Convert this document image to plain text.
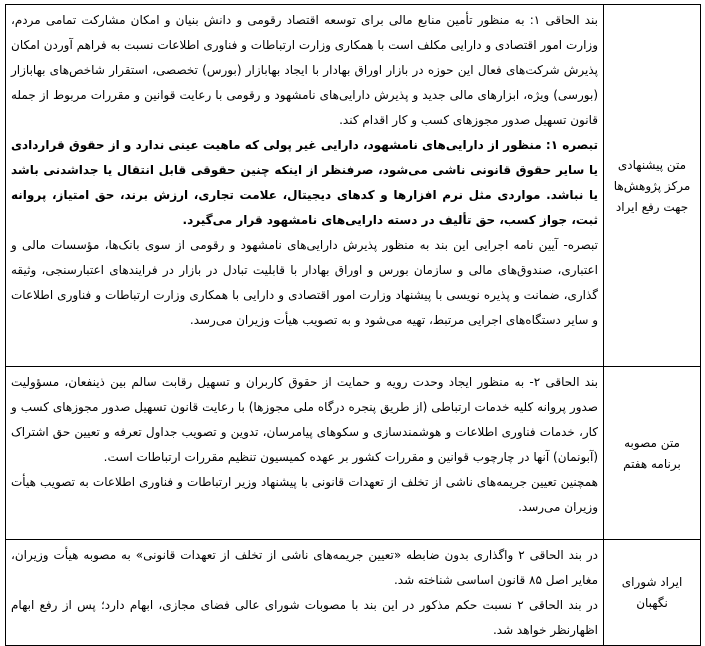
متن پیشنهادی مرکز پژوهش‌ها جهت رفع ایراد	بند الحاقی ۱: به منظور تأمین منابع مالی برای توسعه اقتصاد رقومی و دانش بنیان و امکان مشارکت تمامی مردم، وزارت امور اقتصادی و دارایی مکلف است با همکاری وزارت ارتباطات و فناوری اطلاعات نسبت به فراهم آوردن امکان پذیرش شرکت‌های فعال این حوزه در بازار اوراق بهادار با ایجاد بهابازار (بورس) تخصصی، استقرار شاخص‌های بهابازار (بورسی) ویژه، ابزارهای مالی جدید و پذیرش دارایی‌های نامشهود و رقومی با رعایت قوانین و مقررات مربوط از جمله قانون تسهیل صدور مجوزهای کسب و کار اقدام کند.

تبصره ۱: منظور از دارایی‌های نامشهود، دارایی غیر پولی که ماهیت عینی ندارد و از حقوق قراردادی یا سایر حقوق قانونی ناشی می‌شود، صرفنظر از اینکه چنین حقوقی قابل انتقال یا جداشدنی باشد یا نباشد. مواردی مثل نرم افزارها و کدهای دیجیتال، علامت تجاری، ارزش برند، حق امتیاز، پروانه ثبت، جواز کسب، حق تألیف در دسته دارایی‌های نامشهود قرار می‌گیرد.

تبصره- آیین نامه اجرایی این بند به منظور پذیرش دارایی‌های نامشهود و رقومی از سوی بانک‌ها، مؤسسات مالی و اعتباری، صندوق‌های مالی و سازمان بورس و اوراق بهادار با قابلیت تبادل در بازار در فرایندهای اعتبارسنجی، وثیقه گذاری، ضمانت و پذیره نویسی با پیشنهاد وزارت امور اقتصادی و دارایی با همکاری وزارت ارتباطات و فناوری اطلاعات و سایر دستگاه‌های اجرایی مرتبط، تهیه می‌شود و به تصویب هیأت وزیران می‌رسد.

متن مصوبه برنامه هفتم	بند الحاقی ۲- به منظور ایجاد وحدت رویه و حمایت از حقوق کاربران و تسهیل رقابت سالم بین ذینفعان، مسؤولیت صدور پروانه کلیه خدمات ارتباطی (از طریق پنجره درگاه ملی مجوزها) با رعایت قانون تسهیل صدور مجوزهای کسب و کار، خدمات فناوری اطلاعات و هوشمندسازی و سکوهای پیامرسان، تدوین و تصویب جداول تعرفه و تعیین حق اشتراک (آبونمان) آنها در چارچوب قوانین و مقررات کشور بر عهده کمیسیون تنظیم مقررات ارتباطات است.

همچنین تعیین جریمه‌های ناشی از تخلف از تعهدات قانونی با پیشنهاد وزیر ارتباطات و فناوری اطلاعات به تصویب هیأت وزیران می‌رسد.

ایراد شورای نگهبان	در بند الحاقی ۲ واگذاری بدون ضابطه «تعیین جریمه‌های ناشی از تخلف از تعهدات قانونی» به مصوبه هیأت وزیران، مغایر اصل ۸۵ قانون اساسی شناخته شد.

در بند الحاقی ۲ نسبت حکم مذکور در این بند با مصوبات شورای عالی فضای مجازی، ابهام دارد؛ پس از رفع ابهام اظهارنظر خواهد شد.
